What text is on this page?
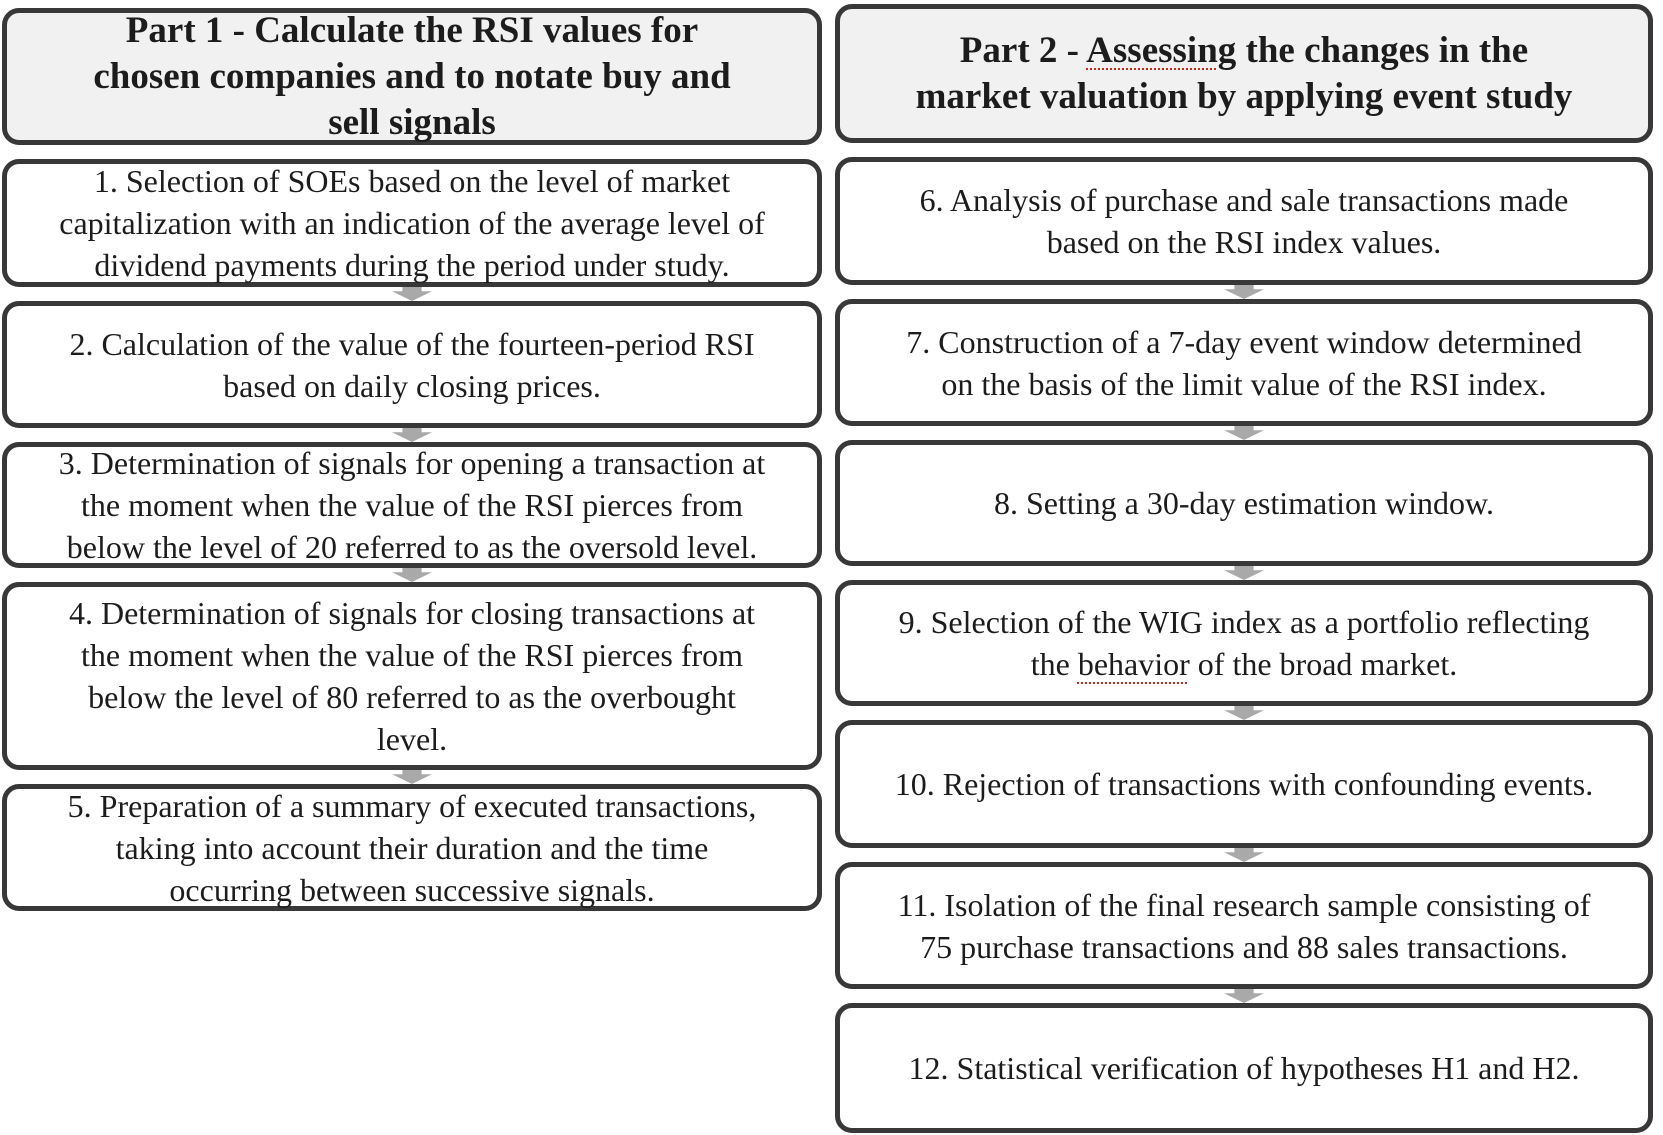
Part 1 - Calculate the RSI values for
chosen companies and to notate buy and
sell signals
1. Selection of SOEs based on the level of market
capitalization with an indication of the average level of
dividend payments during the period under study.
2. Calculation of the value of the fourteen-period RSI
based on daily closing prices.
3. Determination of signals for opening a transaction at
the moment when the value of the RSI pierces from
below the level of 20 referred to as the oversold level.
4. Determination of signals for closing transactions at
the moment when the value of the RSI pierces from
below the level of 80 referred to as the overbought
level.
5. Preparation of a summary of executed transactions,
taking into account their duration and the time
occurring between successive signals.
Part 2 - Assessing the changes in the
market valuation by applying event study
6. Analysis of purchase and sale transactions made
based on the RSI index values.
7. Construction of a 7-day event window determined
on the basis of the limit value of the RSI index.
8. Setting a 30-day estimation window.
9. Selection of the WIG index as a portfolio reflecting
the behavior of the broad market.
10. Rejection of transactions with confounding events.
11. Isolation of the final research sample consisting of
75 purchase transactions and 88 sales transactions.
12. Statistical verification of hypotheses H1 and H2.
